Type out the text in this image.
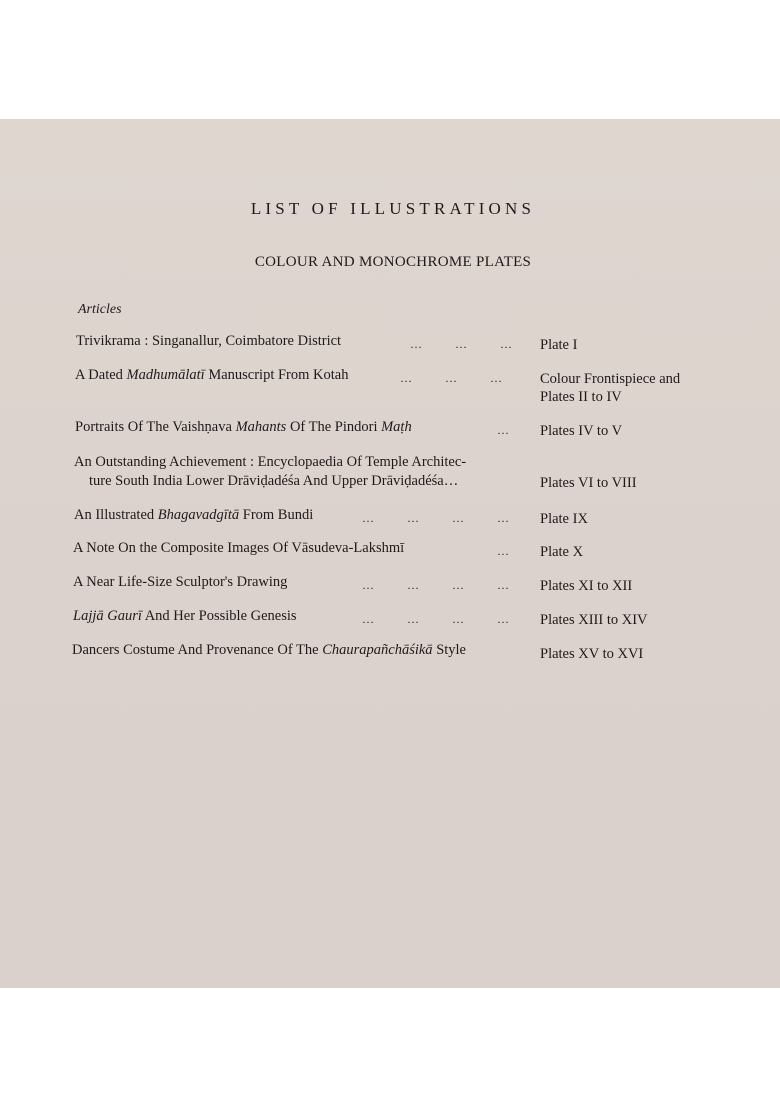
LIST OF ILLUSTRATIONS
COLOUR AND MONOCHROME PLATES
Articles
Trivikrama : Singanallur, Coimbatore District	…        …        … Plate I
A Dated Madhumālatī Manuscript From Kotah	…        …        …	Colour Frontispiece and
Plates II to IV
Portraits Of The Vaishṇava Mahants Of The Pindori Maṭh	… Plates IV to V
An Outstanding Achievement : Encyclopaedia Of Temple Architec-
ture South India Lower Drāviḍadéśa And Upper Drāviḍadéśa…	Plates VI to VIII
An Illustrated Bhagavadgītā From Bundi	…        …        …        … Plate IX
A Note On the Composite Images Of Vāsudeva-Lakshmī	… Plate X
A Near Life-Size Sculptor's Drawing	…        …        …        … Plates XI to XII
Lajjā Gaurī And Her Possible Genesis	…        …        …        … Plates XIII to XIV
Dancers Costume And Provenance Of The Chaurapañchāśikā Style	Plates XV to XVI
